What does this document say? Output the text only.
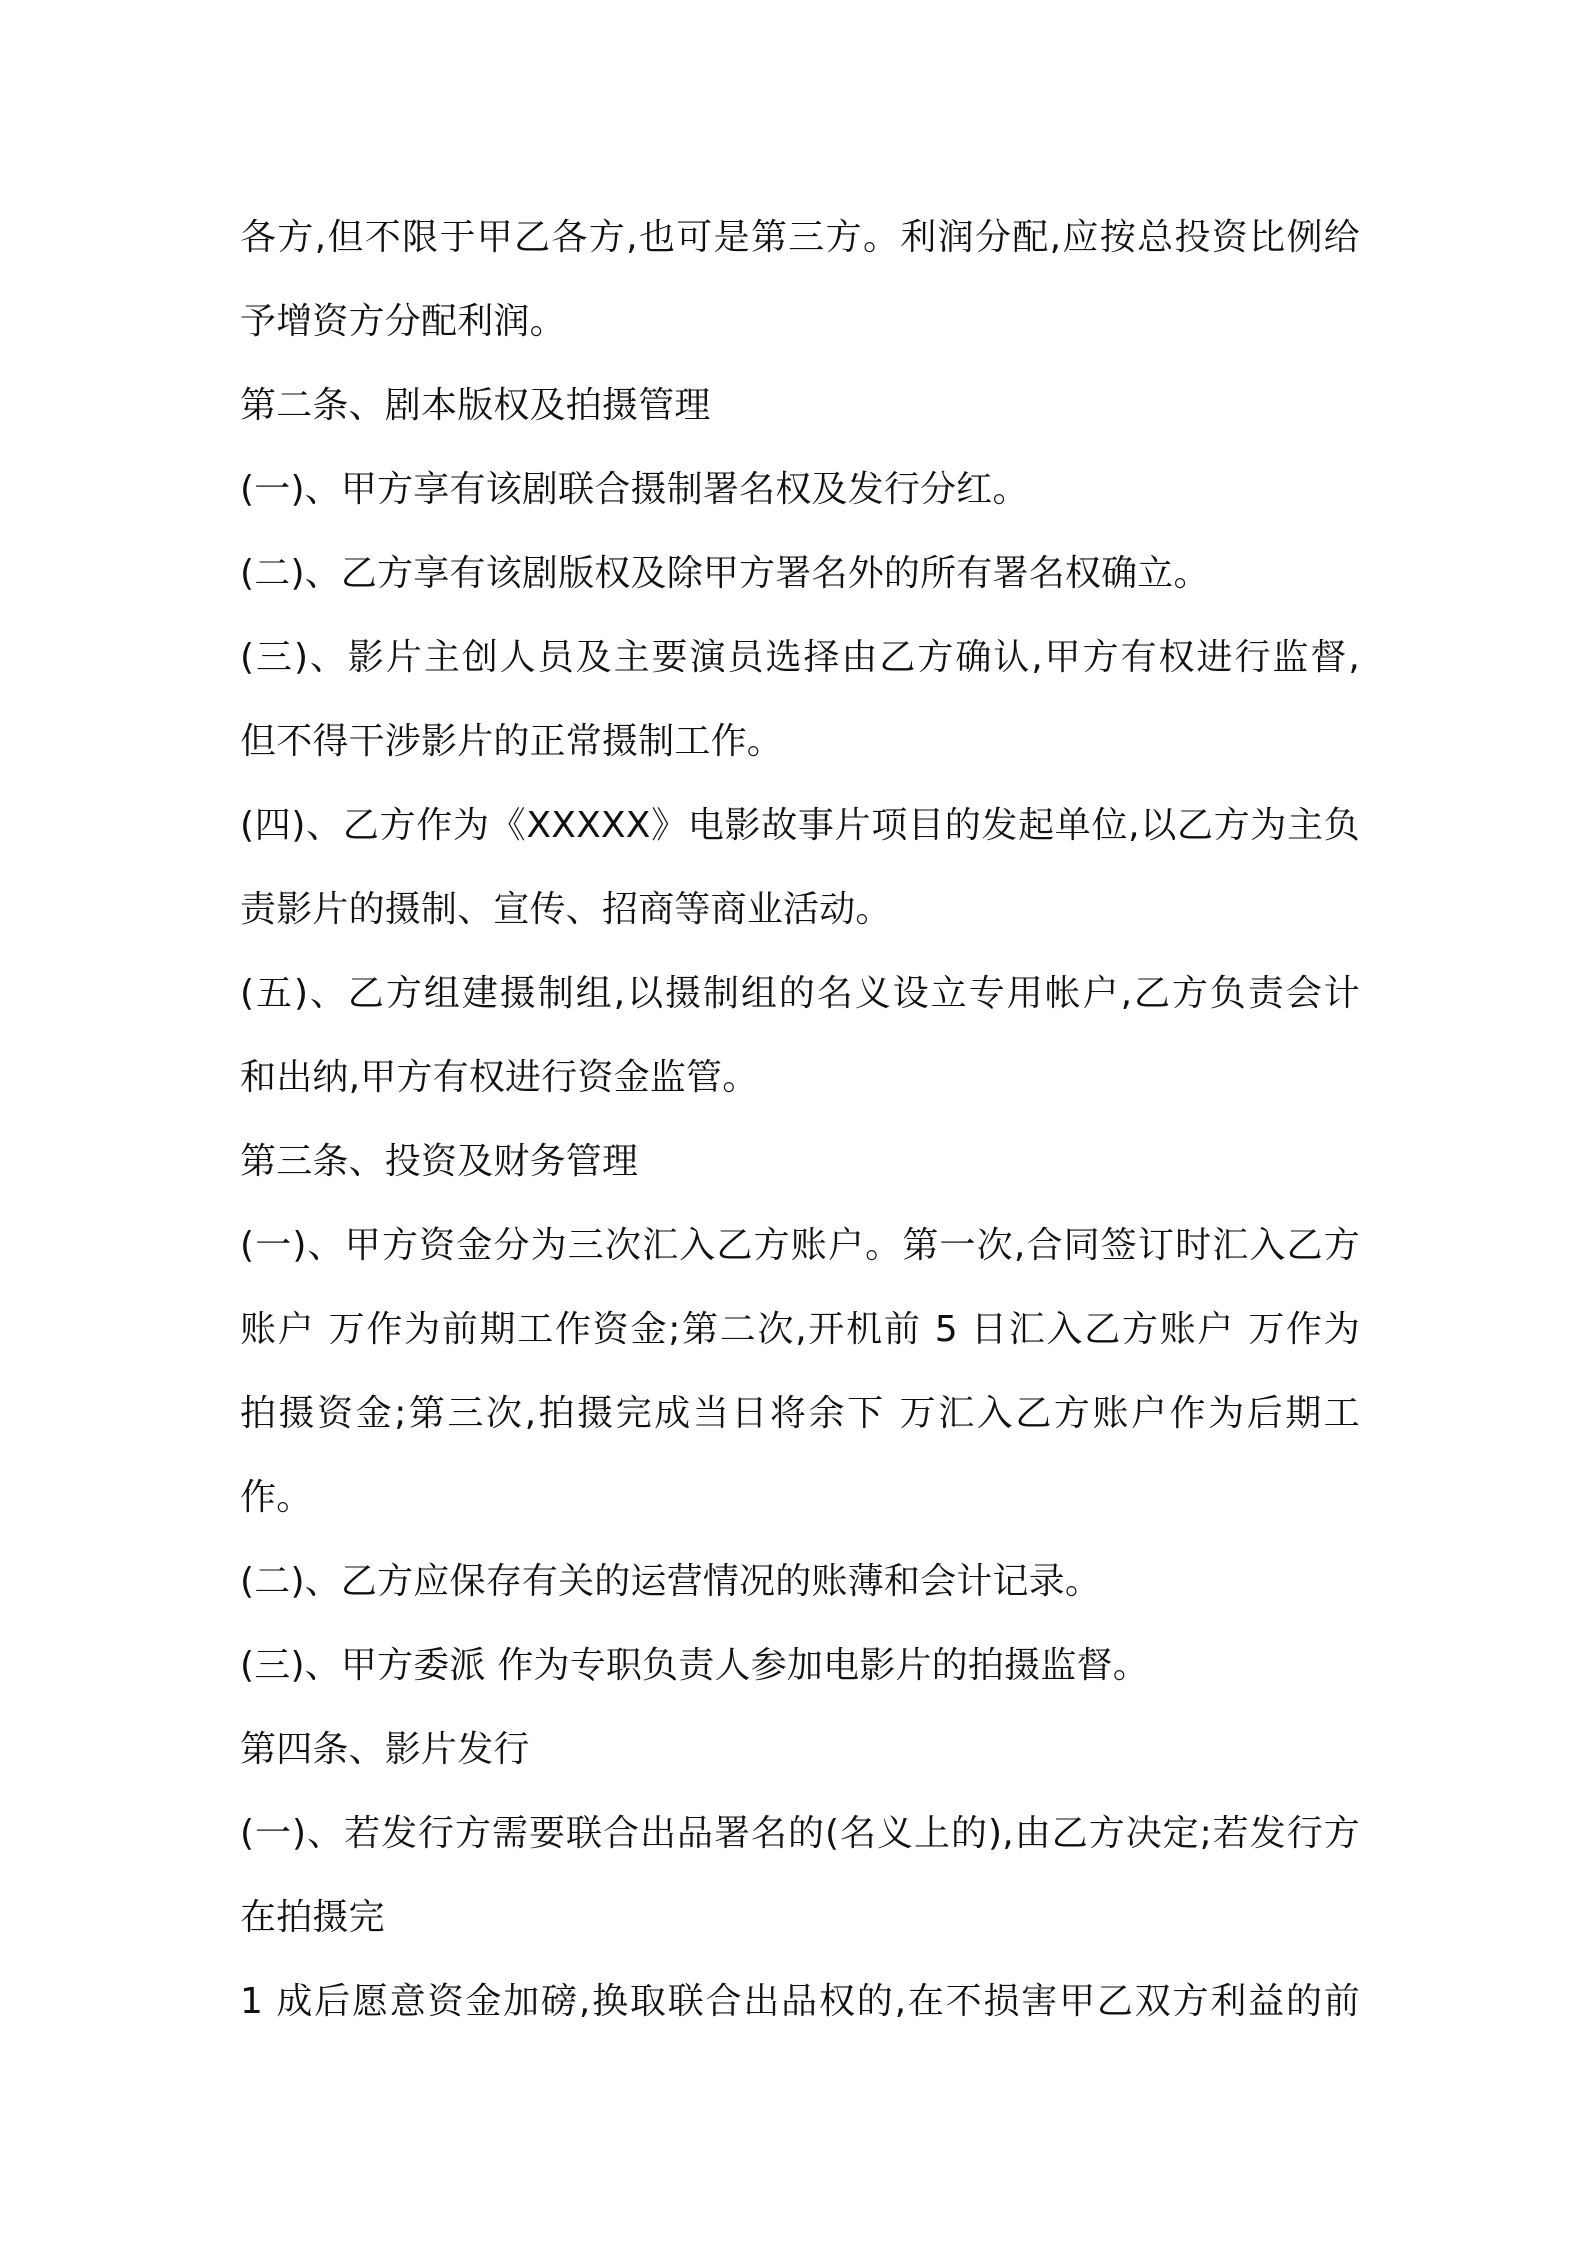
各方,但不限于甲乙各方,也可是第三方。利润分配,应按总投资比例给
予增资方分配利润。
第二条、剧本版权及拍摄管理
(一)、甲方享有该剧联合摄制署名权及发行分红。
(二)、乙方享有该剧版权及除甲方署名外的所有署名权确立。
(三)、影片主创人员及主要演员选择由乙方确认,甲方有权进行监督,
但不得干涉影片的正常摄制工作。
(四)、乙方作为《XXXXX》电影故事片项目的发起单位,以乙方为主负
责影片的摄制、宣传、招商等商业活动。
(五)、乙方组建摄制组,以摄制组的名义设立专用帐户,乙方负责会计
和出纳,甲方有权进行资金监管。
第三条、投资及财务管理
(一)、甲方资金分为三次汇入乙方账户。第一次,合同签订时汇入乙方
账户 万作为前期工作资金;第二次,开机前 5 日汇入乙方账户 万作为
拍摄资金;第三次,拍摄完成当日将余下 万汇入乙方账户作为后期工
作。
(二)、乙方应保存有关的运营情况的账薄和会计记录。
(三)、甲方委派 作为专职负责人参加电影片的拍摄监督。
第四条、影片发行
(一)、若发行方需要联合出品署名的(名义上的),由乙方决定;若发行方
在拍摄完
1 成后愿意资金加磅,换取联合出品权的,在不损害甲乙双方利益的前
